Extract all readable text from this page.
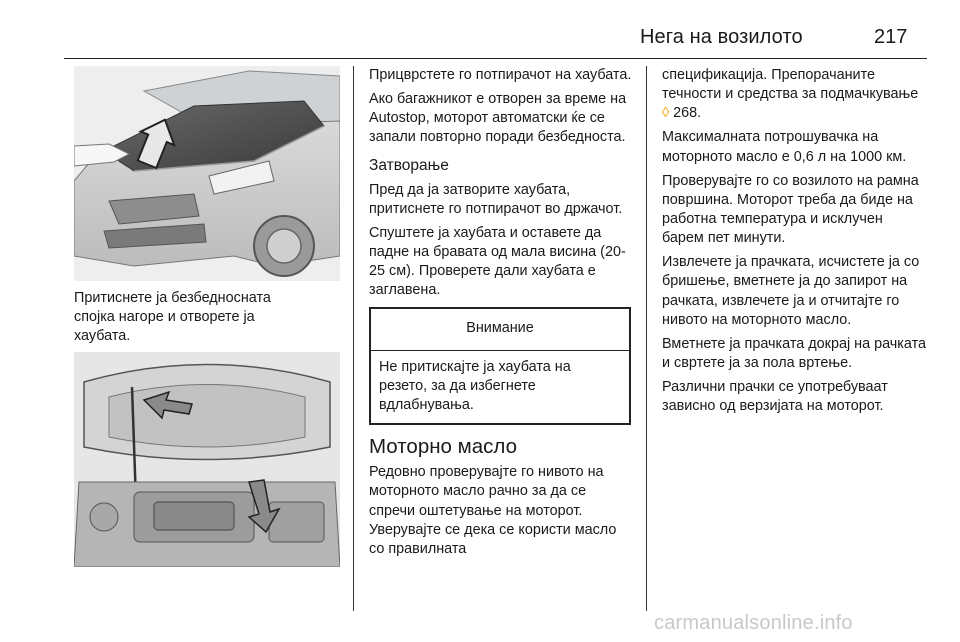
Нега на возилото	217
Притиснете ја безбедносната
спојка нагоре и отворете ја
хаубата.

Прицврстете го потпирачот на хаубата.

Ако багажникот е отворен за време на Autostop, моторот автоматски ќе се запали повторно поради безбедноста.

Затворање

Пред да ја затворите хаубата, притиснете го потпирачот во држачот.

Спуштете ја хаубата и оставете да падне на бравата од мала висина (20-25 см). Проверете дали хаубата е заглавена.

Внимание
Не притискајте ја хаубата на резето, за да избегнете вдлабнувања.
Моторно масло

Редовно проверувајте го нивото на моторното масло рачно за да се спречи оштетување на моторот. Уверувајте се дека се користи масло со правилната

спецификација. Препорачаните течности и средства за подмачкување ◊ 268.

Максималната потрошувачка на моторното масло е 0,6 л на 1000 км.

Проверувајте го со возилото на рамна површина. Моторот треба да биде на работна температура и исклучен барем пет минути.

Извлечете ја прачката, исчистете ја со бришење, вметнете ја до запирот на рачката, извлечете ја и отчитајте го нивото на моторното масло.

Вметнете ја прачката докрај на рачката и свртете ја за пола вртење.

Различни прачки се употребуваат зависно од верзијата на моторот.

carmanualsonline.info
